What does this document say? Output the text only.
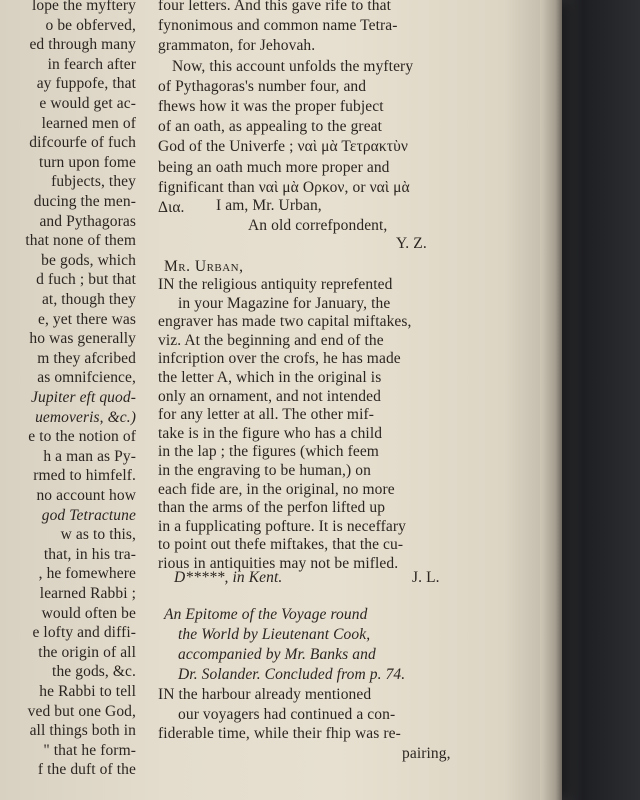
lope the myftery
o be obferved,
ed through many
in fearch after
ay fuppofe, that
e would get ac-
learned men of
difcourfe of fuch
turn upon fome
fubjects, they
ducing the men-
and Pythagoras
that none of them
be gods, which
d fuch ; but that
at, though they
e, yet there was
ho was generally
m they afcribed
as omnifcience,
Jupiter eft quod-
uemoveris, &c.)
e to the notion of
h a man as Py-
rmed to himfelf.
no account how
god Tetractune
w as to this,
that, in his tra-
, he fomewhere
learned Rabbi ;
would often be
e lofty and diffi-
the origin of all
the gods, &c.
he Rabbi to tell
ved but one God,
all things both in
" that he form-
f the duft of the
four letters. And this gave rife to that
fynonimous and common name Tetra-
grammaton, for Jehovah.
Now, this account unfolds the myftery
of Pythagoras's number four, and
fhews how it was the proper fubject
of an oath, as appealing to the great
God of the Univerfe ; ναὶ μὰ Τετρακτὺν
being an oath much more proper and
fignificant than ναὶ μὰ Ορκον, or ναὶ μὰ
Δια. I am, Mr. Urban,
An old correfpondent,
Y. Z.
Mr. Urban,
IN the religious antiquity reprefented
in your Magazine for January, the
engraver has made two capital miftakes,
viz. At the beginning and end of the
infcription over the crofs, he has made
the letter A, which in the original is
only an ornament, and not intended
for any letter at all. The other mif-
take is in the figure who has a child
in the lap ; the figures (which feem
in the engraving to be human,) on
each fide are, in the original, no more
than the arms of the perfon lifted up
in a fupplicating pofture. It is neceffary
to point out thefe miftakes, that the cu-
rious in antiquities may not be mifled.
D*****, in Kent.	J. L.
An Epitome of the Voyage round
the World by Lieutenant Cook,
accompanied by Mr. Banks and
Dr. Solander. Concluded from p. 74.
IN the harbour already mentioned
our voyagers had continued a con-
fiderable time, while their fhip was re-
pairing,
